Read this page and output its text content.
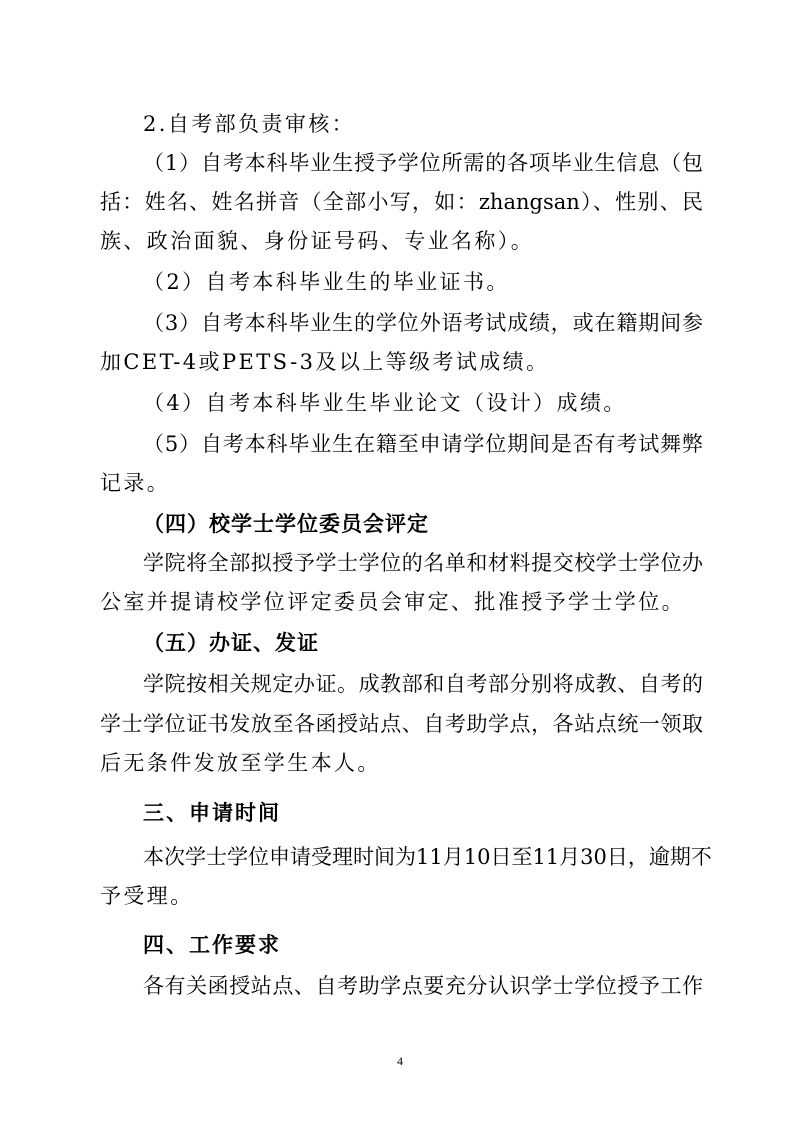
2.自考部负责审核：
（1）自考本科毕业生授予学位所需的各项毕业生信息（包
括：姓名、姓名拼音（全部小写，如：zhangsan）、性别、民
族、政治面貌、身份证号码、专业名称）。
（2）自考本科毕业生的毕业证书。
（3）自考本科毕业生的学位外语考试成绩，或在籍期间参
加CET-4或PETS-3及以上等级考试成绩。
（4）自考本科毕业生毕业论文（设计）成绩。
（5）自考本科毕业生在籍至申请学位期间是否有考试舞弊
记录。
（四）校学士学位委员会评定
学院将全部拟授予学士学位的名单和材料提交校学士学位办
公室并提请校学位评定委员会审定、批准授予学士学位。
（五）办证、发证
学院按相关规定办证。成教部和自考部分别将成教、自考的
学士学位证书发放至各函授站点、自考助学点，各站点统一领取
后无条件发放至学生本人。
三、申请时间
本次学士学位申请受理时间为11月10日至11月30日，逾期不
予受理。
四、工作要求
各有关函授站点、自考助学点要充分认识学士学位授予工作
4
